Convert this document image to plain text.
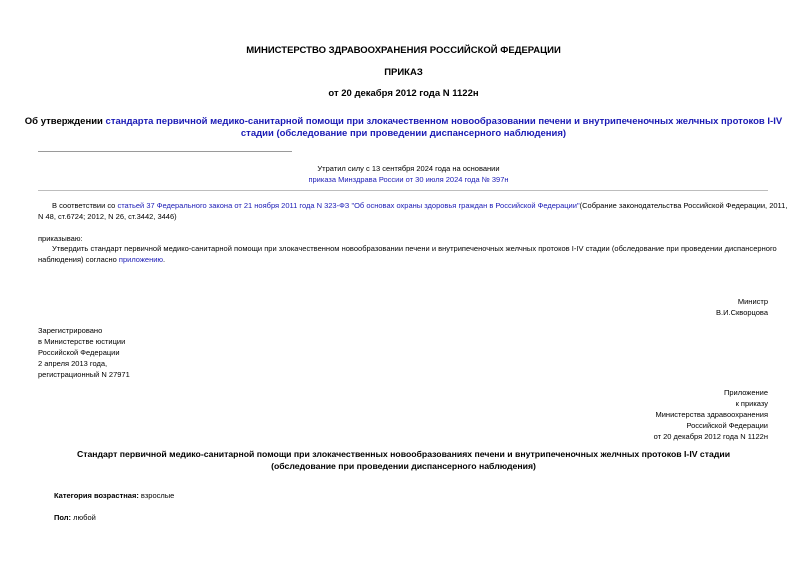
МИНИСТЕРСТВО ЗДРАВООХРАНЕНИЯ РОССИЙСКОЙ ФЕДЕРАЦИИ
ПРИКАЗ
от 20 декабря 2012 года N 1122н
Об утверждении стандарта первичной медико-санитарной помощи при злокачественном новообразовании печени и внутрипеченочных желчных протоков I-IV
стадии (обследование при проведении диспансерного наблюдения)
Утратил силу с 13 сентября 2024 года на основании
приказа Минздрава России от 30 июля 2024 года № 397н
В соответствии со статьей 37 Федерального закона от 21 ноября 2011 года N 323-ФЗ "Об основах охраны здоровья граждан в Российской Федерации"(Собрание законодательства Российской Федерации, 2011,
N 48, ст.6724; 2012, N 26, ст.3442, 3446)
приказываю:
Утвердить стандарт первичной медико-санитарной помощи при злокачественном новообразовании печени и внутрипеченочных желчных протоков I-IV стадии (обследование при проведении диспансерного
наблюдения) согласно приложению.
Министр
В.И.Скворцова
Зарегистрировано
в Министерстве юстиции
Российской Федерации
2 апреля 2013 года,
регистрационный N 27971
Приложение
к приказу
Министерства здравоохранения
Российской Федерации
от 20 декабря 2012 года N 1122н
Стандарт первичной медико-санитарной помощи при злокачественных новообразованиях печени и внутрипеченочных желчных протоков I-IV стадии
(обследование при проведении диспансерного наблюдения)
Категория возрастная: взрослые
Пол: любой
